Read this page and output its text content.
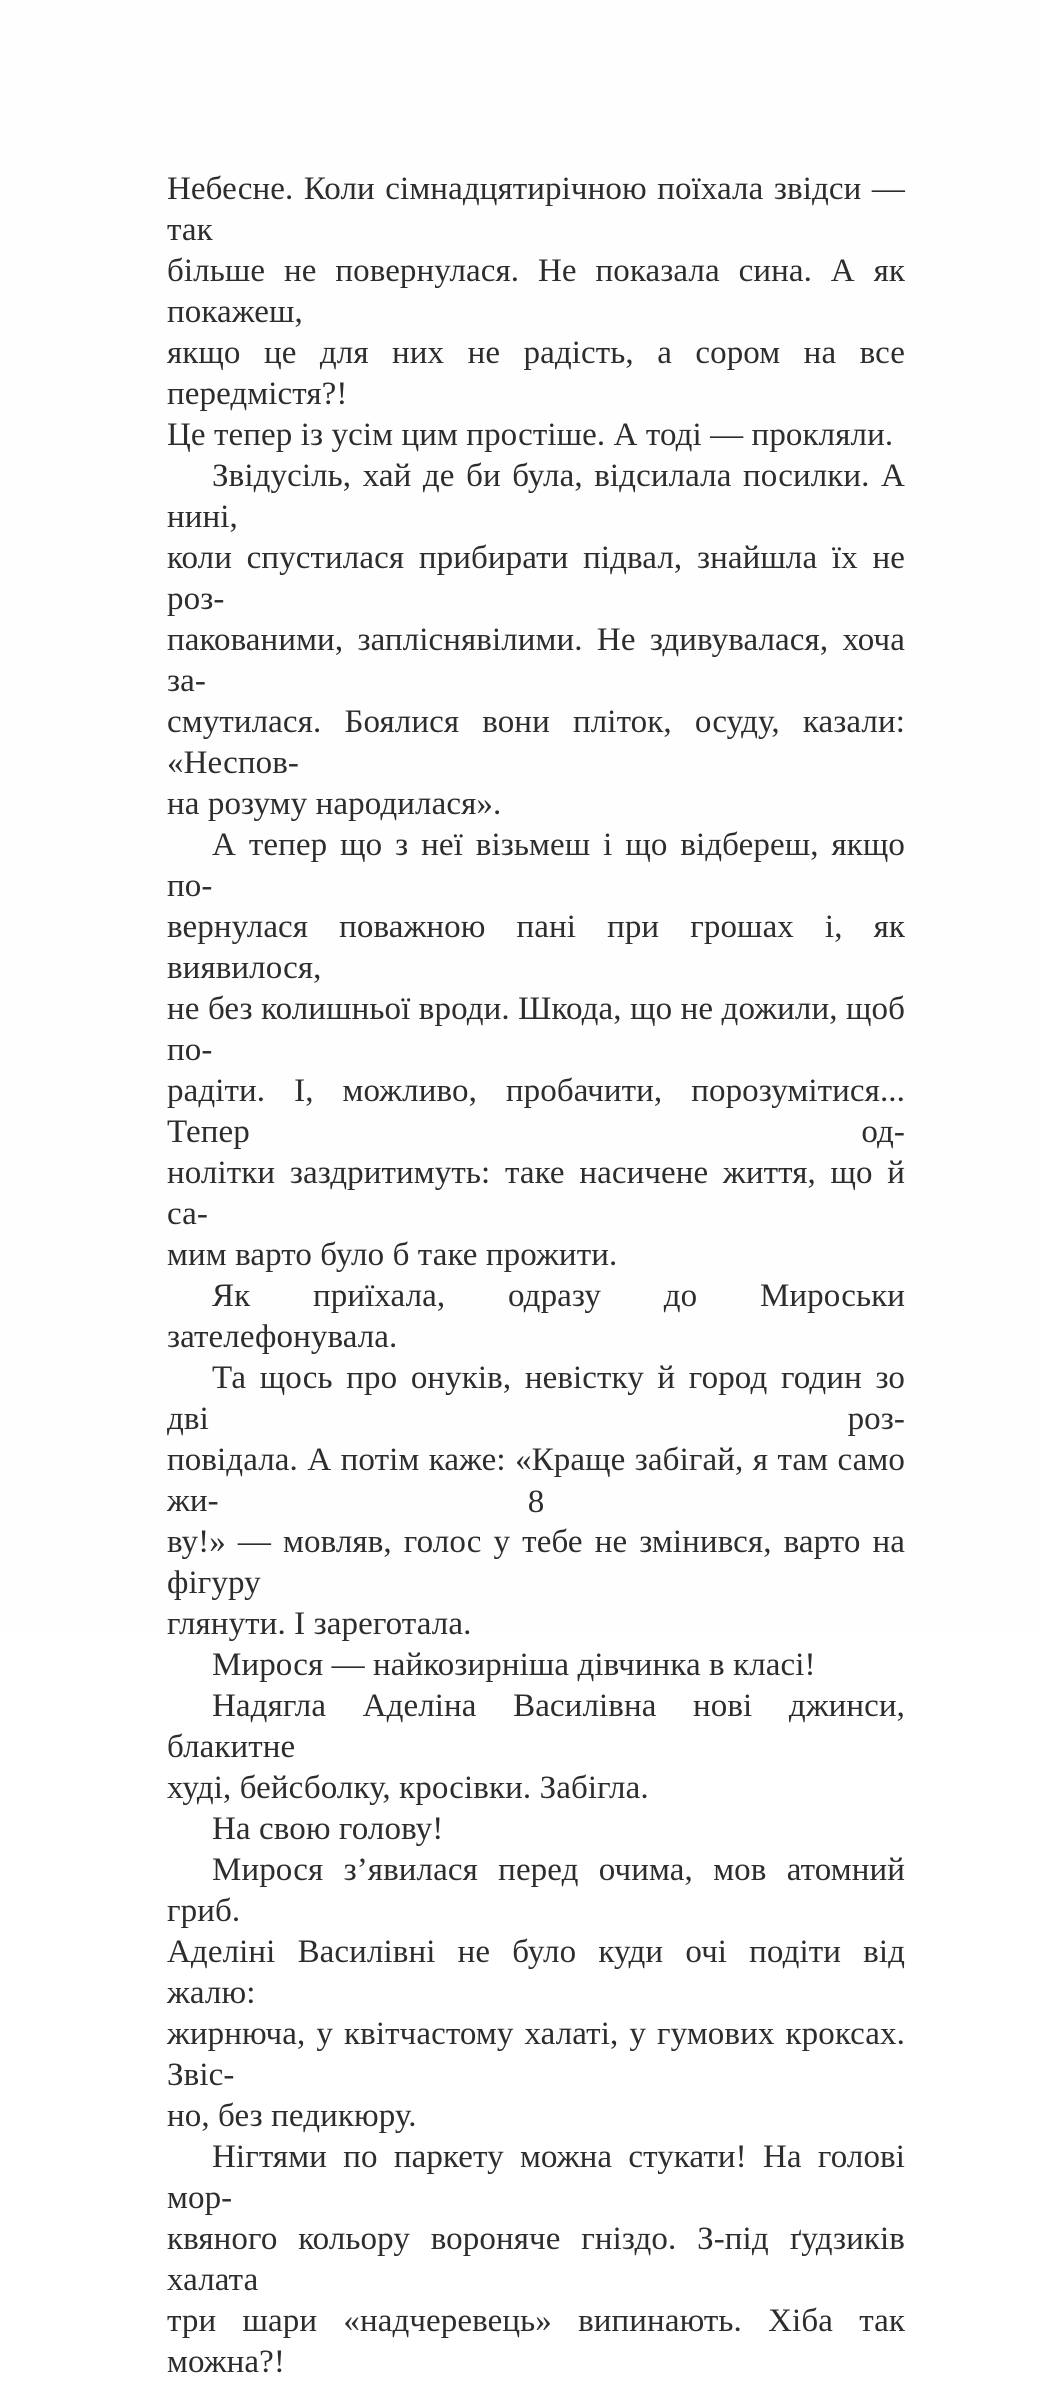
Небесне. Коли сімнадцятирічною поїхала звідси — так
більше не повернулася. Не показала сина. А як покажеш,
якщо це для них не радість, а сором на все передмістя?!
Це тепер із усім цим простіше. А тоді — прокляли.
Звідусіль, хай де би була, відсилала посилки. А нині,
коли спустилася прибирати підвал, знайшла їх не роз-
пакованими, запліснявілими. Не здивувалася, хоча за-
смутилася. Боялися вони пліток, осуду, казали: «Неспов-
на розуму народилася».
А тепер що з неї візьмеш і що відбереш, якщо по-
вернулася поважною пані при грошах і, як виявилося,
не без колишньої вроди. Шкода, що не дожили, щоб по-
радіти. І, можливо, пробачити, порозумітися... Тепер од-
нолітки заздритимуть: таке насичене життя, що й са-
мим варто було б таке прожити.
Як приїхала, одразу до Мироськи зателефонувала.
Та щось про онуків, невістку й город годин зо дві роз-
повідала. А потім каже: «Краще забігай, я там само жи-
ву!» — мовляв, голос у тебе не змінився, варто на фігуру
глянути. І зареготала.
Мирося — найкозирніша дівчинка в класі!
Надягла Аделіна Василівна нові джинси, блакитне
худі, бейсболку, кросівки. Забігла.
На свою голову!
Мирося з’явилася перед очима, мов атомний гриб.
Аделіні Василівні не було куди очі подіти від жалю:
жирнюча, у квітчастому халаті, у гумових кроксах. Звіс-
но, без педикюру.
Нігтями по паркету можна стукати! На голові мор-
квяного кольору вороняче гніздо. З-під ґудзиків халата
три шари «надчеревець» випинають. Хіба так можна?!
8
